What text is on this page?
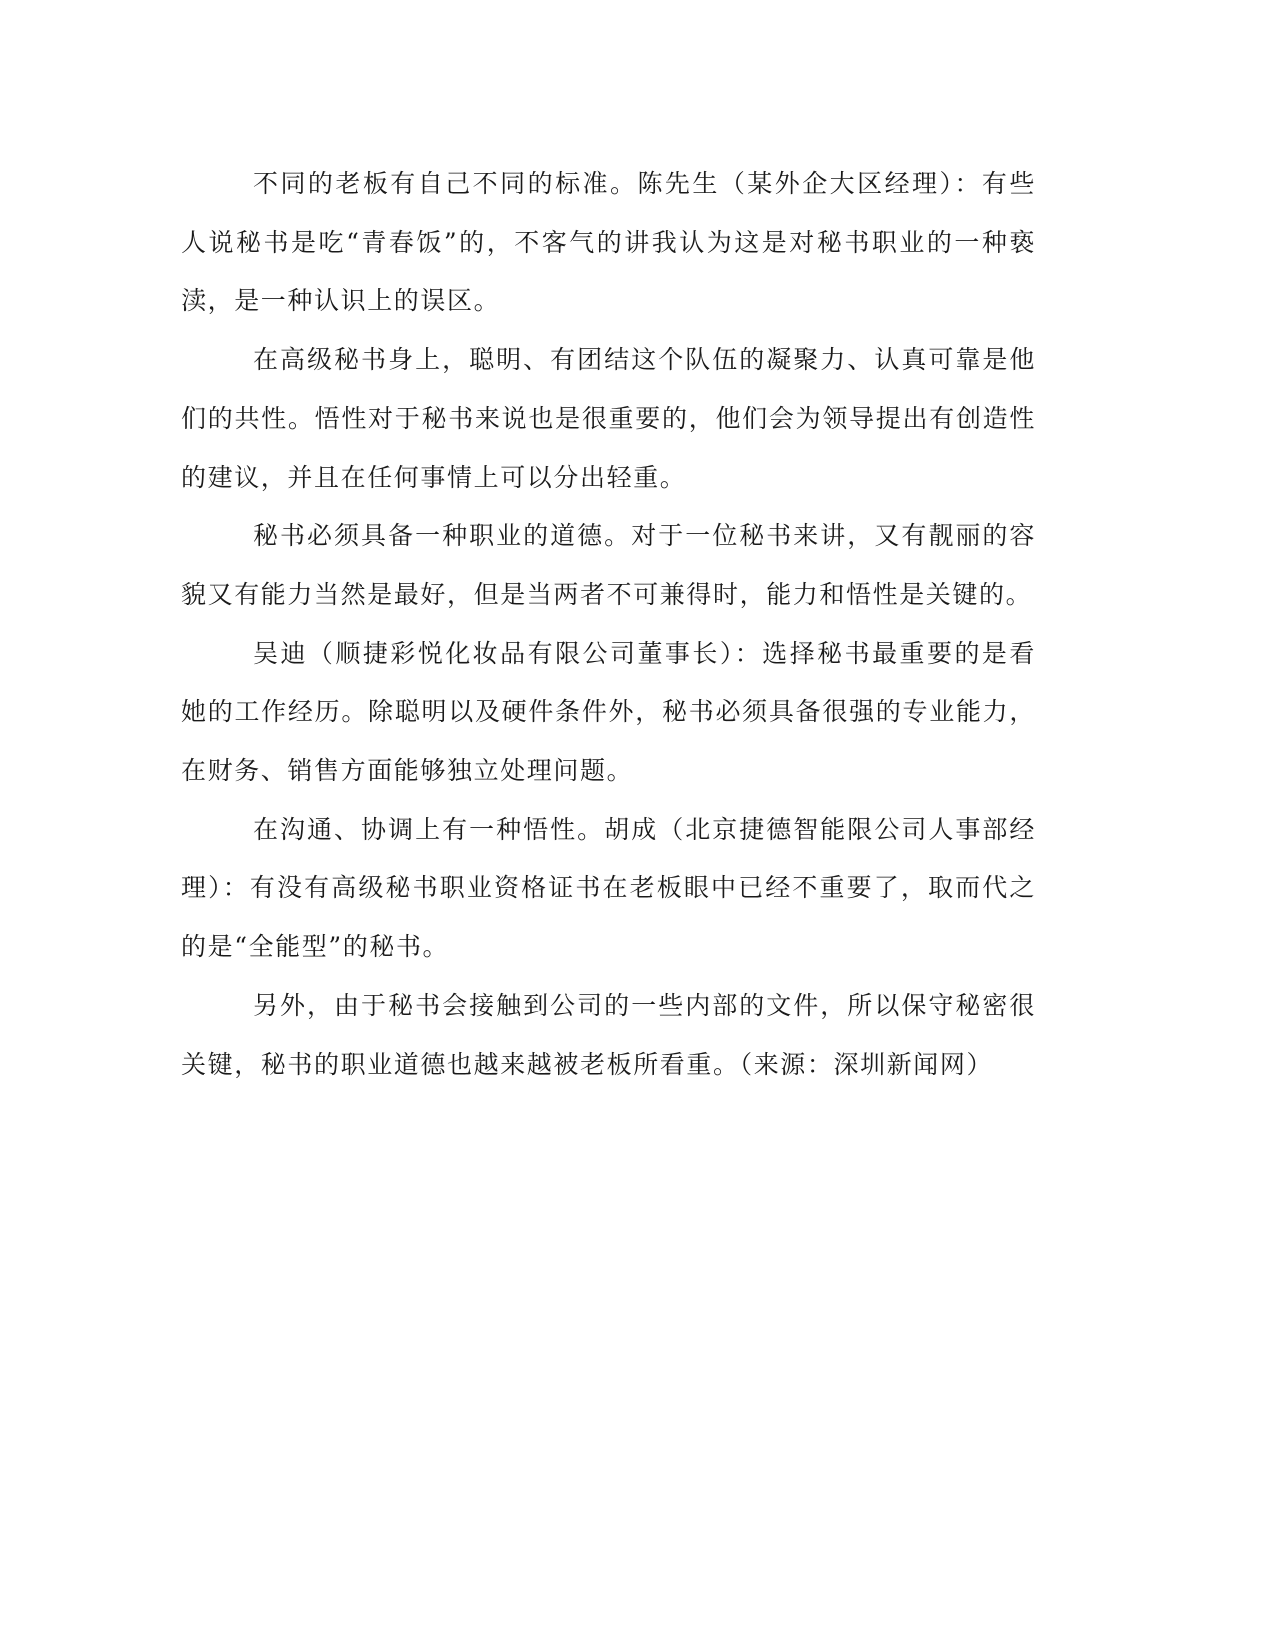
不同的老板有自己不同的标准。陈先生（某外企大区经理）：有些人说秘书是吃“青春饭”的，不客气的讲我认为这是对秘书职业的一种亵渎，是一种认识上的误区。

在高级秘书身上，聪明、有团结这个队伍的凝聚力、认真可靠是他们的共性。悟性对于秘书来说也是很重要的，他们会为领导提出有创造性的建议，并且在任何事情上可以分出轻重。

秘书必须具备一种职业的道德。对于一位秘书来讲，又有靓丽的容貌又有能力当然是最好，但是当两者不可兼得时，能力和悟性是关键的。

吴迪（顺捷彩悦化妆品有限公司董事长）：选择秘书最重要的是看她的工作经历。除聪明以及硬件条件外，秘书必须具备很强的专业能力，在财务、销售方面能够独立处理问题。

在沟通、协调上有一种悟性。胡成（北京捷德智能限公司人事部经理）：有没有高级秘书职业资格证书在老板眼中已经不重要了，取而代之的是“全能型”的秘书。

另外，由于秘书会接触到公司的一些内部的文件，所以保守秘密很关键，秘书的职业道德也越来越被老板所看重。（来源：深圳新闻网）
